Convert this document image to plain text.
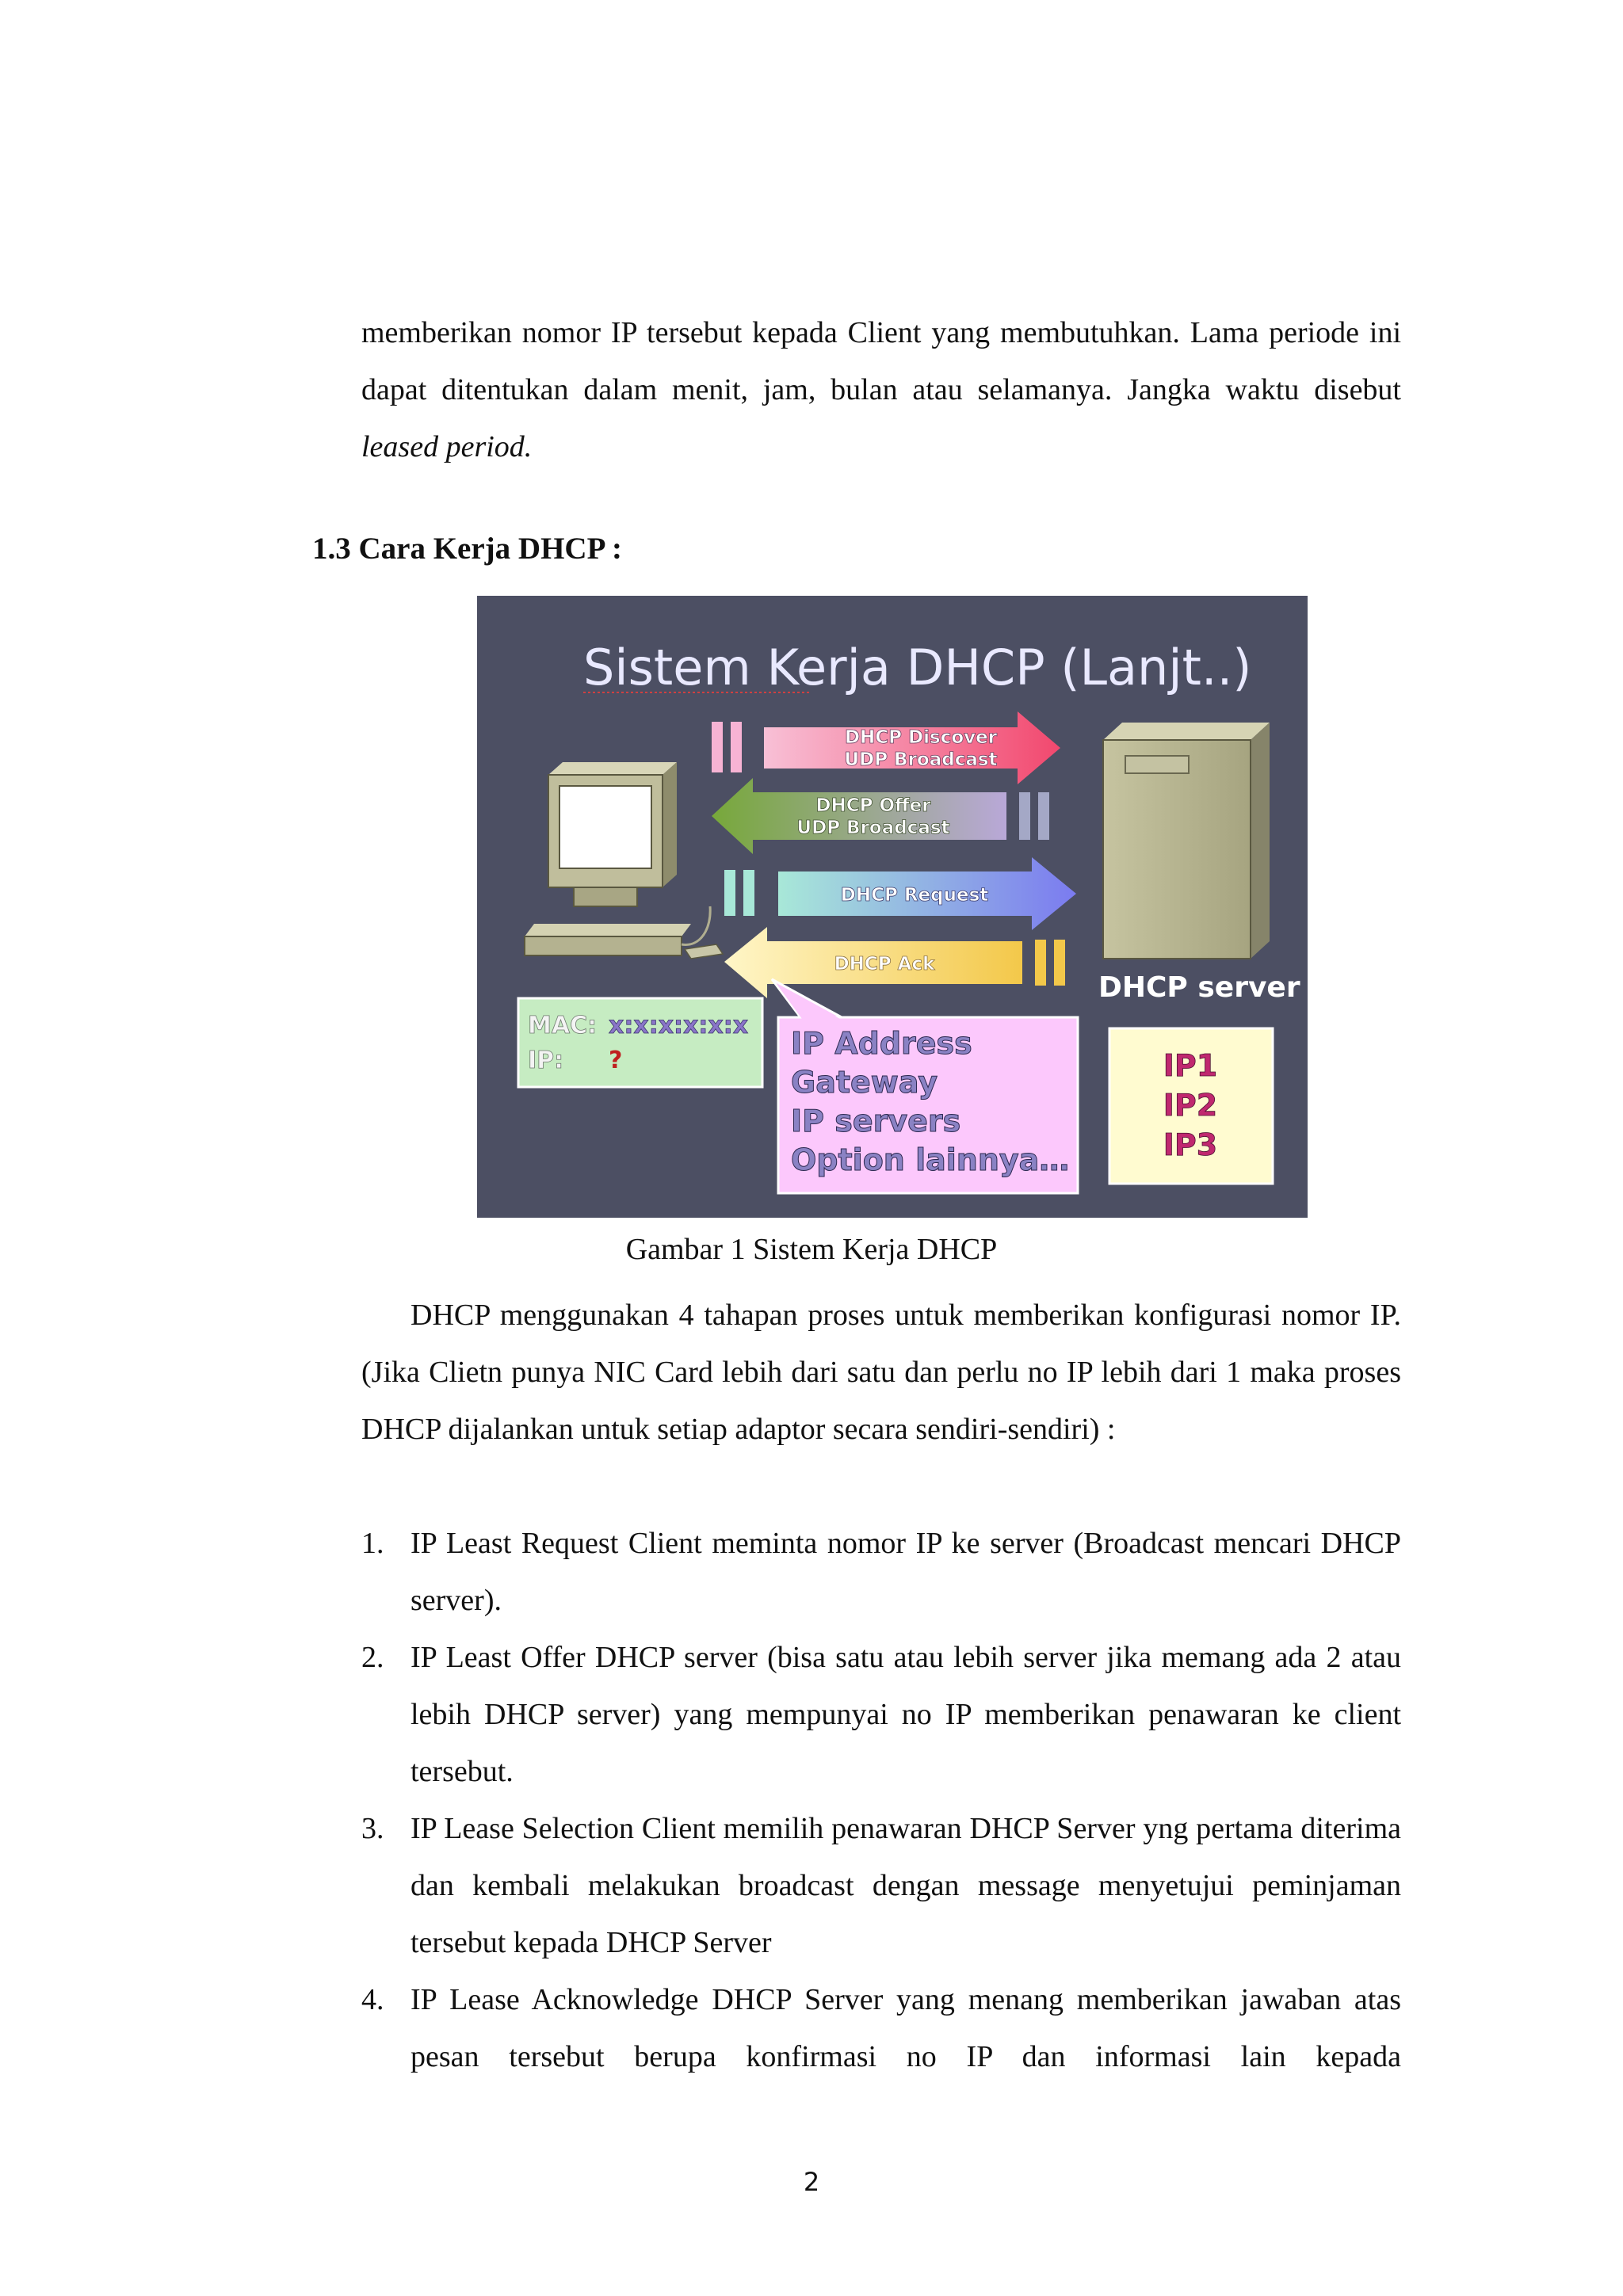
memberikan nomor IP tersebut kepada Client yang membutuhkan. Lama periode ini dapat ditentukan dalam menit, jam, bulan atau selamanya. Jangka waktu disebut leased period.

1.3 Cara Kerja DHCP :

Sistem Kerja DHCP (Lanjt..)
DHCP Discover
UDP Broadcast
DHCP Offer
UDP Broadcast
DHCP Request
DHCP Ack
DHCP server
MAC: x:x:x:x:x:x
IP: ?	IP Address
Gateway
IP servers
Option lainnya…
IP1
IP2
IP3

Gambar 1 Sistem Kerja DHCP

DHCP menggunakan 4 tahapan proses untuk memberikan konfigurasi nomor IP. (Jika Clietn punya NIC Card lebih dari satu dan perlu no IP lebih dari 1 maka proses DHCP dijalankan untuk setiap adaptor secara sendiri-sendiri) :

1. IP Least Request Client meminta nomor IP ke server (Broadcast mencari DHCP server).
2. IP Least Offer DHCP server (bisa satu atau lebih server jika memang ada 2 atau lebih DHCP server) yang mempunyai no IP memberikan penawaran ke client tersebut.
3. IP Lease Selection Client memilih penawaran DHCP Server yng pertama diterima dan kembali melakukan broadcast dengan message menyetujui peminjaman tersebut kepada DHCP Server
4. IP Lease Acknowledge DHCP Server yang menang memberikan jawaban atas pesan tersebut berupa konfirmasi no IP dan informasi lain kepada
2
